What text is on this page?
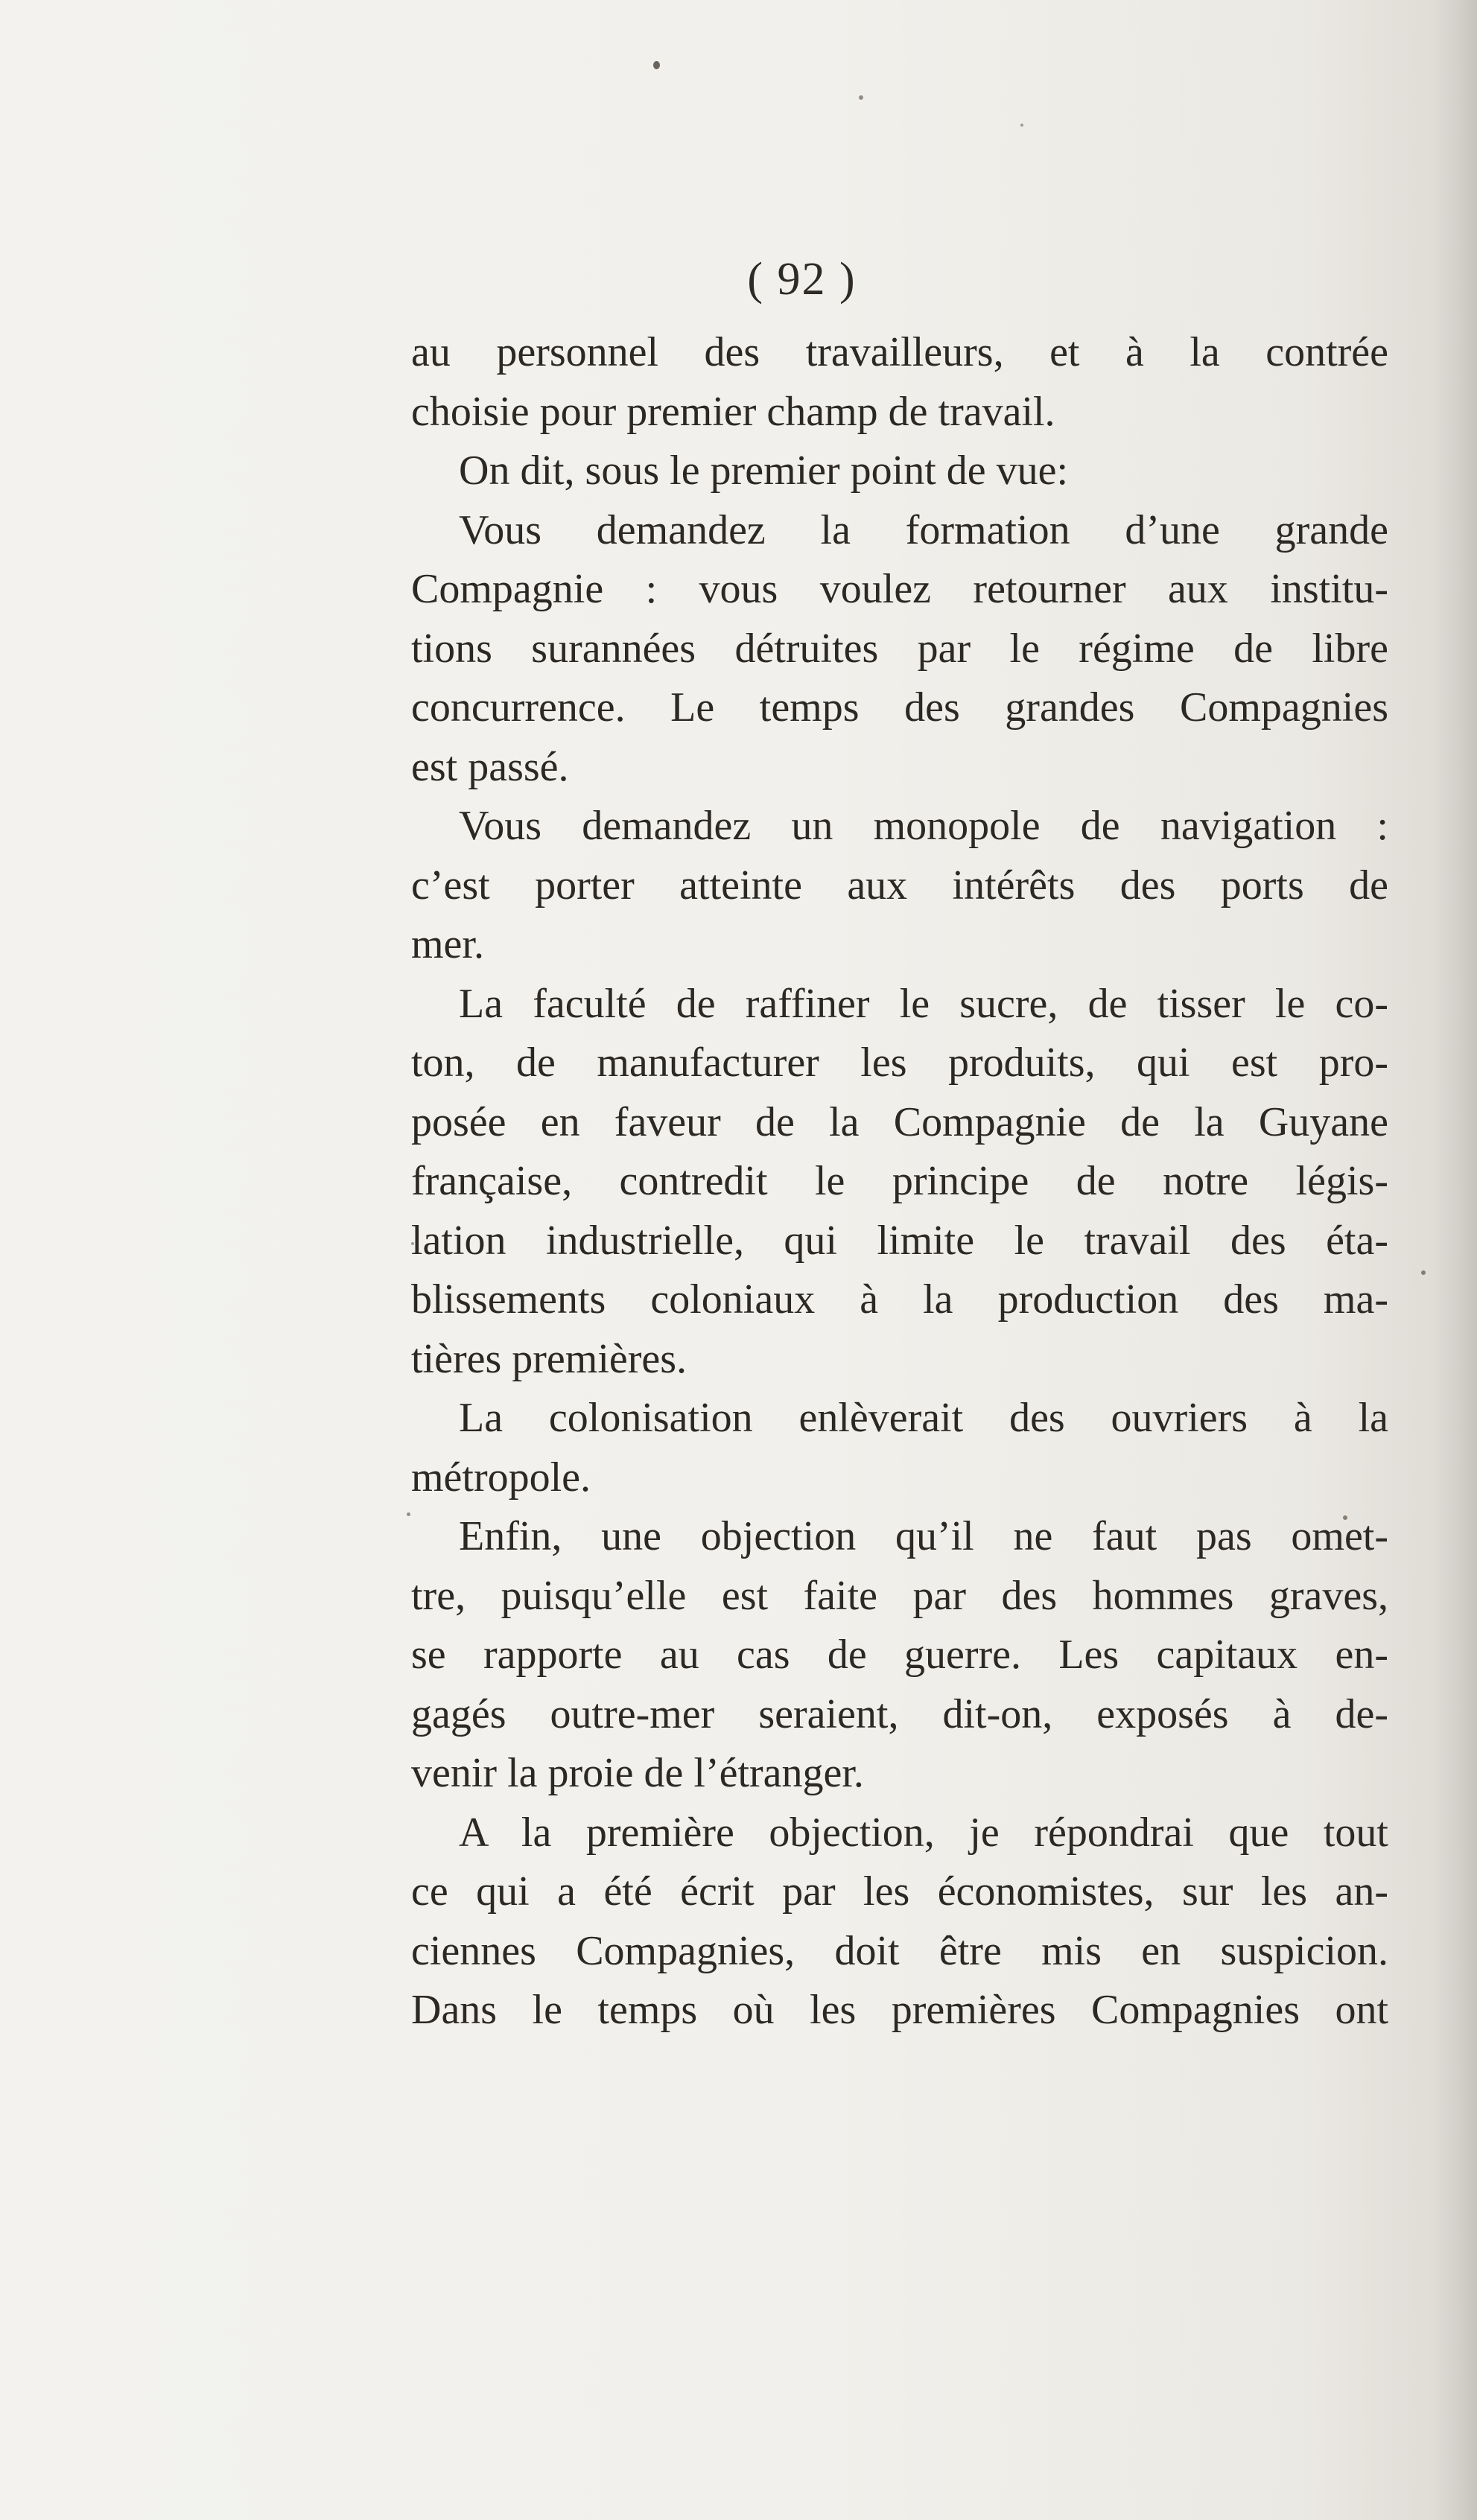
( 92 )
au personnel des travailleurs, et à la contrée
choisie pour premier champ de travail.
On dit, sous le premier point de vue:
Vous demandez la formation d’une grande
Compagnie : vous voulez retourner aux institu-
tions surannées détruites par le régime de libre
concurrence. Le temps des grandes Compagnies
est passé.
Vous demandez un monopole de navigation :
c’est porter atteinte aux intérêts des ports de
mer.
La faculté de raffiner le sucre, de tisser le co-
ton, de manufacturer les produits, qui est pro-
posée en faveur de la Compagnie de la Guyane
française, contredit le principe de notre légis-
lation industrielle, qui limite le travail des éta-
blissements coloniaux à la production des ma-
tières premières.
La colonisation enlèverait des ouvriers à la
métropole.
Enfin, une objection qu’il ne faut pas omet-
tre, puisqu’elle est faite par des hommes graves,
se rapporte au cas de guerre. Les capitaux en-
gagés outre-mer seraient, dit-on, exposés à de-
venir la proie de l’étranger.
A la première objection, je répondrai que tout
ce qui a été écrit par les économistes, sur les an-
ciennes Compagnies, doit être mis en suspicion.
Dans le temps où les premières Compagnies ont
